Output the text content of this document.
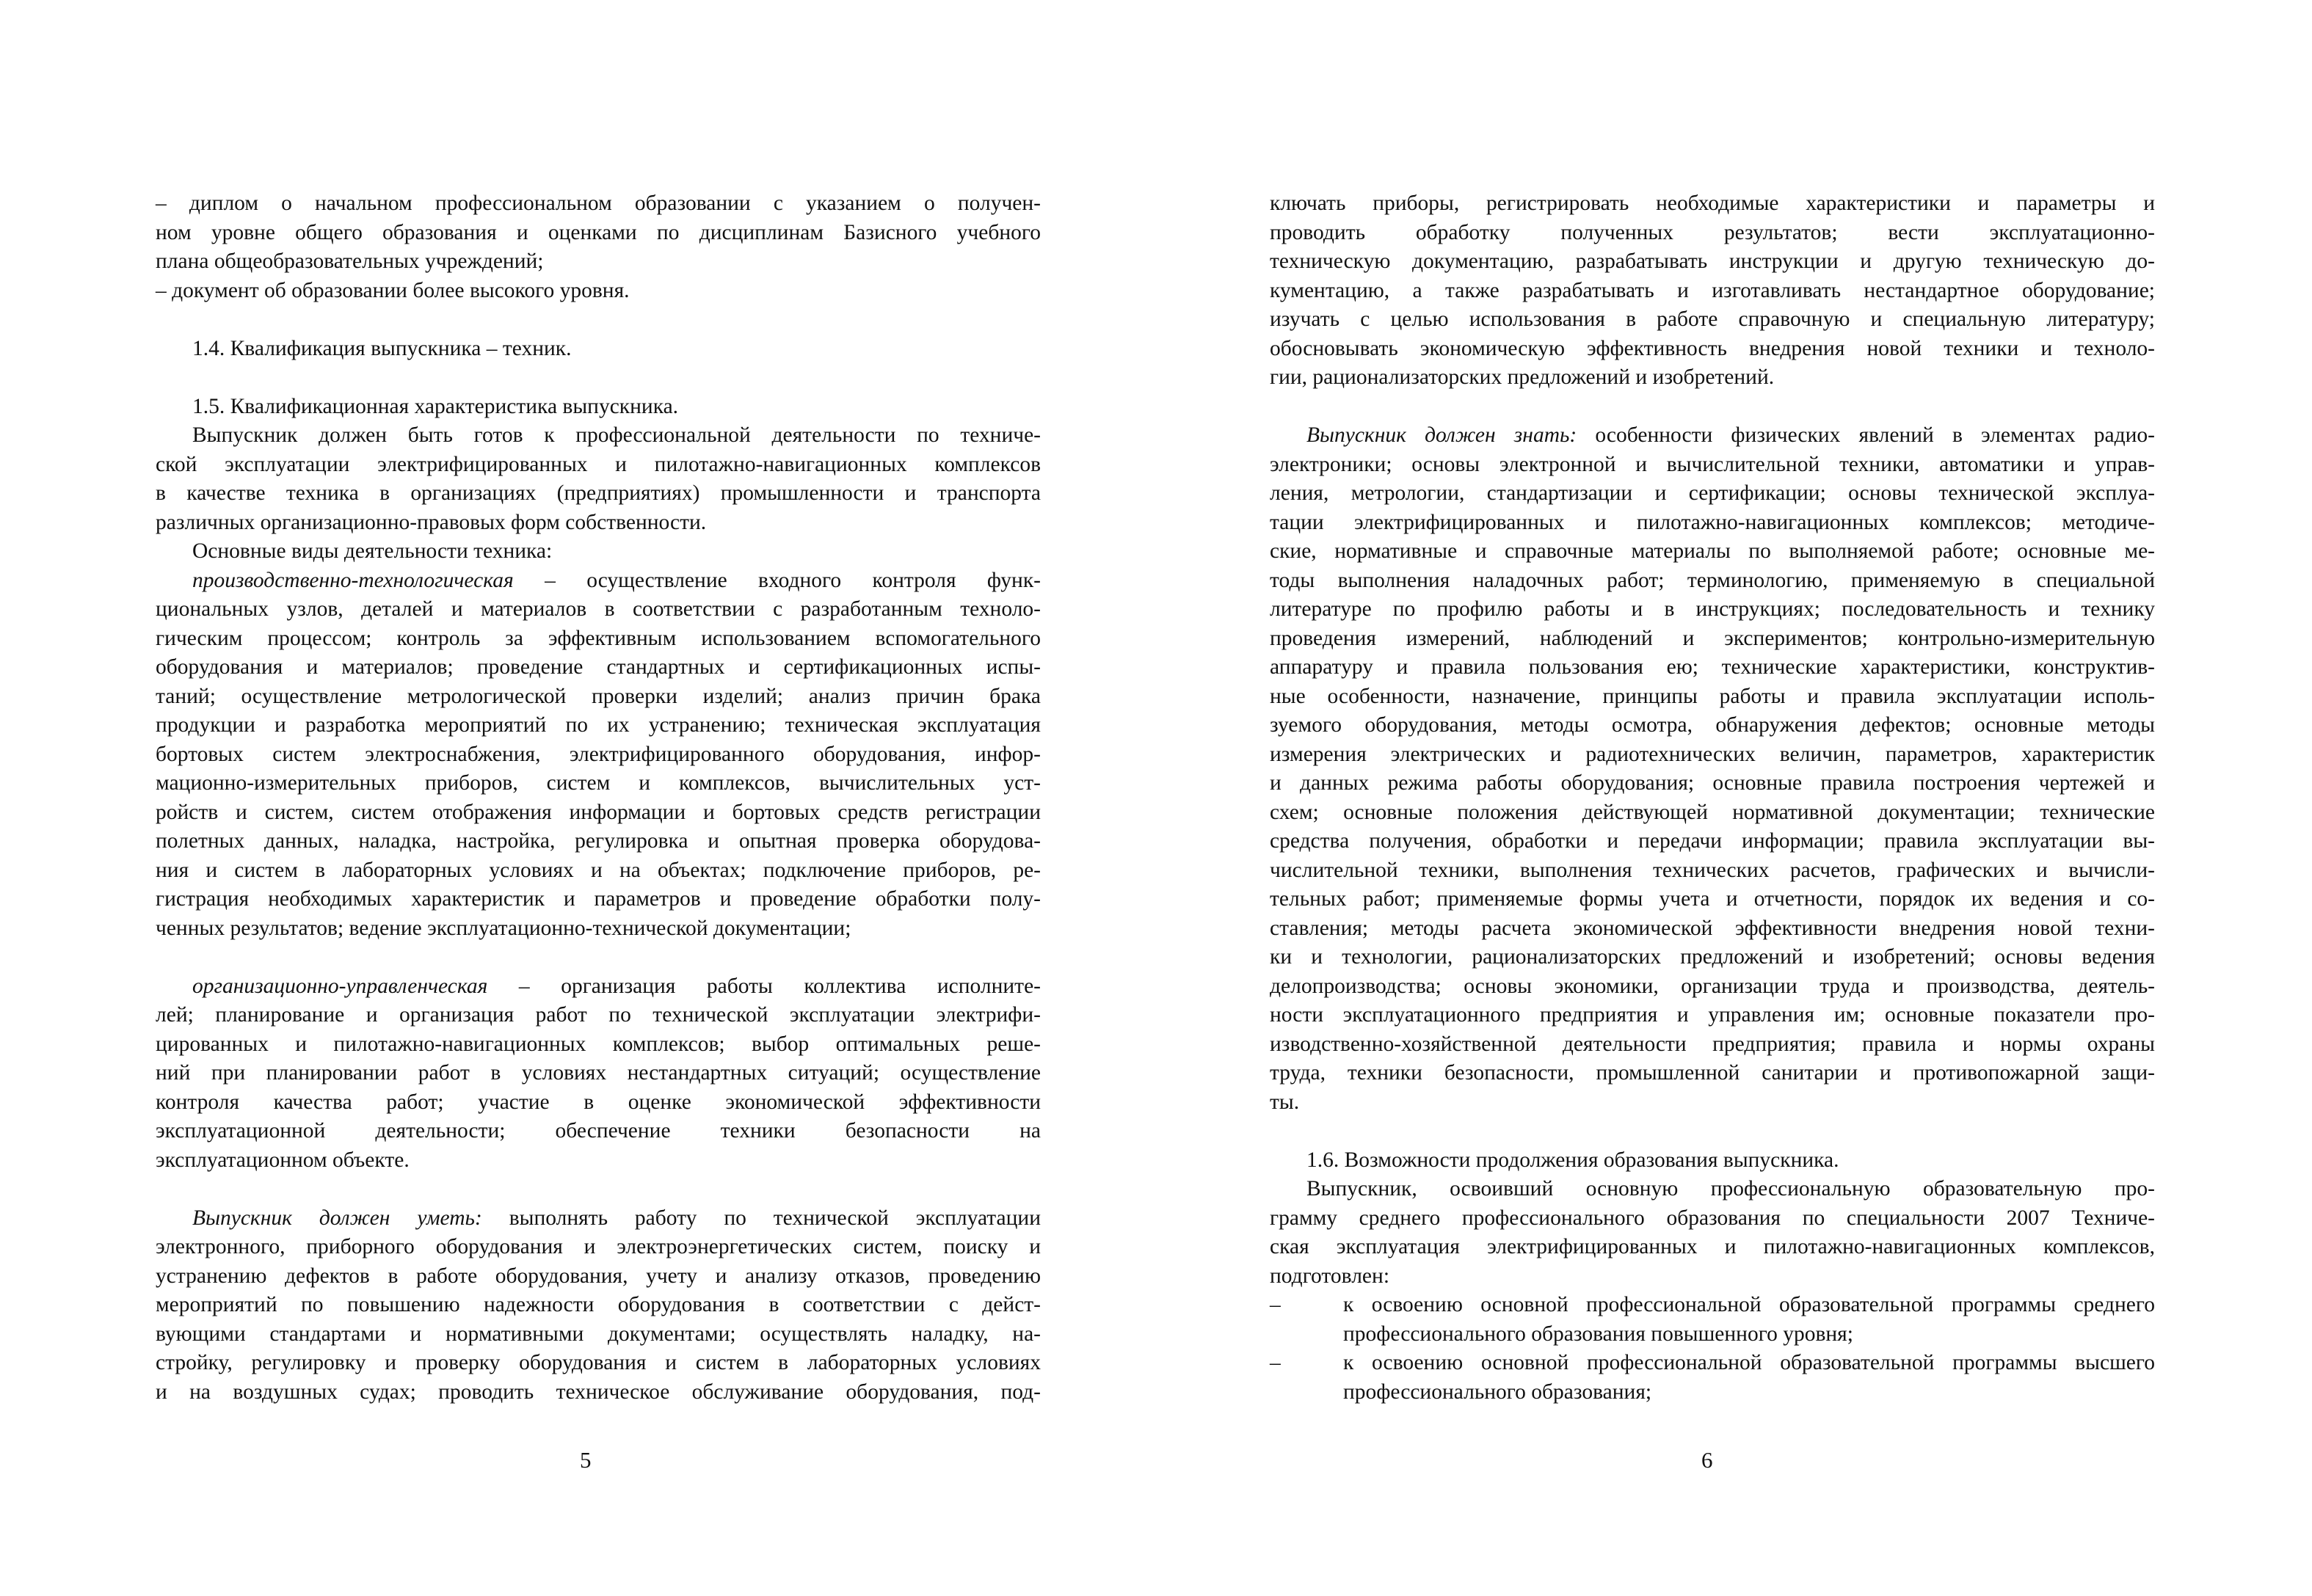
– диплом о начальном профессиональном образовании с указанием о получен-
ном уровне общего образования и оценками по дисциплинам Базисного учебного
плана общеобразовательных учреждений;
– документ об образовании более высокого уровня.
1.4. Квалификация выпускника – техник.
1.5. Квалификационная характеристика выпускника.
Выпускник должен быть готов к профессиональной деятельности по техниче-
ской эксплуатации электрифицированных и пилотажно-навигационных комплексов
в качестве техника в организациях (предприятиях) промышленности и транспорта
различных организационно-правовых форм собственности.
Основные виды деятельности техника:
производственно-технологическая – осуществление входного контроля функ-
циональных узлов, деталей и материалов в соответствии с разработанным техноло-
гическим процессом; контроль за эффективным использованием вспомогательного
оборудования и материалов; проведение стандартных и сертификационных испы-
таний; осуществление метрологической проверки изделий; анализ причин брака
продукции и разработка мероприятий по их устранению; техническая эксплуатация
бортовых систем электроснабжения, электрифицированного оборудования, инфор-
мационно-измерительных приборов, систем и комплексов, вычислительных уст-
ройств и систем, систем отображения информации и бортовых средств регистрации
полетных данных, наладка, настройка, регулировка и опытная проверка оборудова-
ния и систем в лабораторных условиях и на объектах; подключение приборов, ре-
гистрация необходимых характеристик и параметров и проведение обработки полу-
ченных результатов; ведение эксплуатационно-технической документации;
организационно-управленческая – организация работы коллектива исполните-
лей; планирование и организация работ по технической эксплуатации электрифи-
цированных и пилотажно-навигационных комплексов; выбор оптимальных реше-
ний при планировании работ в условиях нестандартных ситуаций; осуществление
контроля качества работ; участие в оценке экономической эффективности
эксплуатационной деятельности; обеспечение техники безопасности на
эксплуатационном объекте.
Выпускник должен уметь: выполнять работу по технической эксплуатации
электронного, приборного оборудования и электроэнергетических систем, поиску и
устранению дефектов в работе оборудования, учету и анализу отказов, проведению
мероприятий по повышению надежности оборудования в соответствии с дейст-
вующими стандартами и нормативными документами; осуществлять наладку, на-
стройку, регулировку и проверку оборудования и систем в лабораторных условиях
и на воздушных судах; проводить техническое обслуживание оборудования, под-
5
ключать приборы, регистрировать необходимые характеристики и параметры и
проводить обработку полученных результатов; вести эксплуатационно-
техническую документацию, разрабатывать инструкции и другую техническую до-
кументацию, а также разрабатывать и изготавливать нестандартное оборудование;
изучать с целью использования в работе справочную и специальную литературу;
обосновывать экономическую эффективность внедрения новой техники и техноло-
гии, рационализаторских предложений и изобретений.
Выпускник должен знать: особенности физических явлений в элементах радио-
электроники; основы электронной и вычислительной техники, автоматики и управ-
ления, метрологии, стандартизации и сертификации; основы технической эксплуа-
тации электрифицированных и пилотажно-навигационных комплексов; методиче-
ские, нормативные и справочные материалы по выполняемой работе; основные ме-
тоды выполнения наладочных работ; терминологию, применяемую в специальной
литературе по профилю работы и в инструкциях; последовательность и технику
проведения измерений, наблюдений и экспериментов; контрольно-измерительную
аппаратуру и правила пользования ею; технические характеристики, конструктив-
ные особенности, назначение, принципы работы и правила эксплуатации исполь-
зуемого оборудования, методы осмотра, обнаружения дефектов; основные методы
измерения электрических и радиотехнических величин, параметров, характеристик
и данных режима работы оборудования; основные правила построения чертежей и
схем; основные положения действующей нормативной документации; технические
средства получения, обработки и передачи информации; правила эксплуатации вы-
числительной техники, выполнения технических расчетов, графических и вычисли-
тельных работ; применяемые формы учета и отчетности, порядок их ведения и со-
ставления; методы расчета экономической эффективности внедрения новой техни-
ки и технологии, рационализаторских предложений и изобретений; основы ведения
делопроизводства; основы экономики, организации труда и производства, деятель-
ности эксплуатационного предприятия и управления им; основные показатели про-
изводственно-хозяйственной деятельности предприятия; правила и нормы охраны
труда, техники безопасности, промышленной санитарии и противопожарной защи-
ты.
1.6. Возможности продолжения образования выпускника.
Выпускник, освоивший основную профессиональную образовательную про-
грамму среднего профессионального образования по специальности 2007 Техниче-
ская эксплуатация электрифицированных и пилотажно-навигационных комплексов,
подготовлен:
–	к освоению основной профессиональной образовательной программы среднего
профессионального образования повышенного уровня;
–	к освоению основной профессиональной образовательной программы высшего
профессионального образования;
6
